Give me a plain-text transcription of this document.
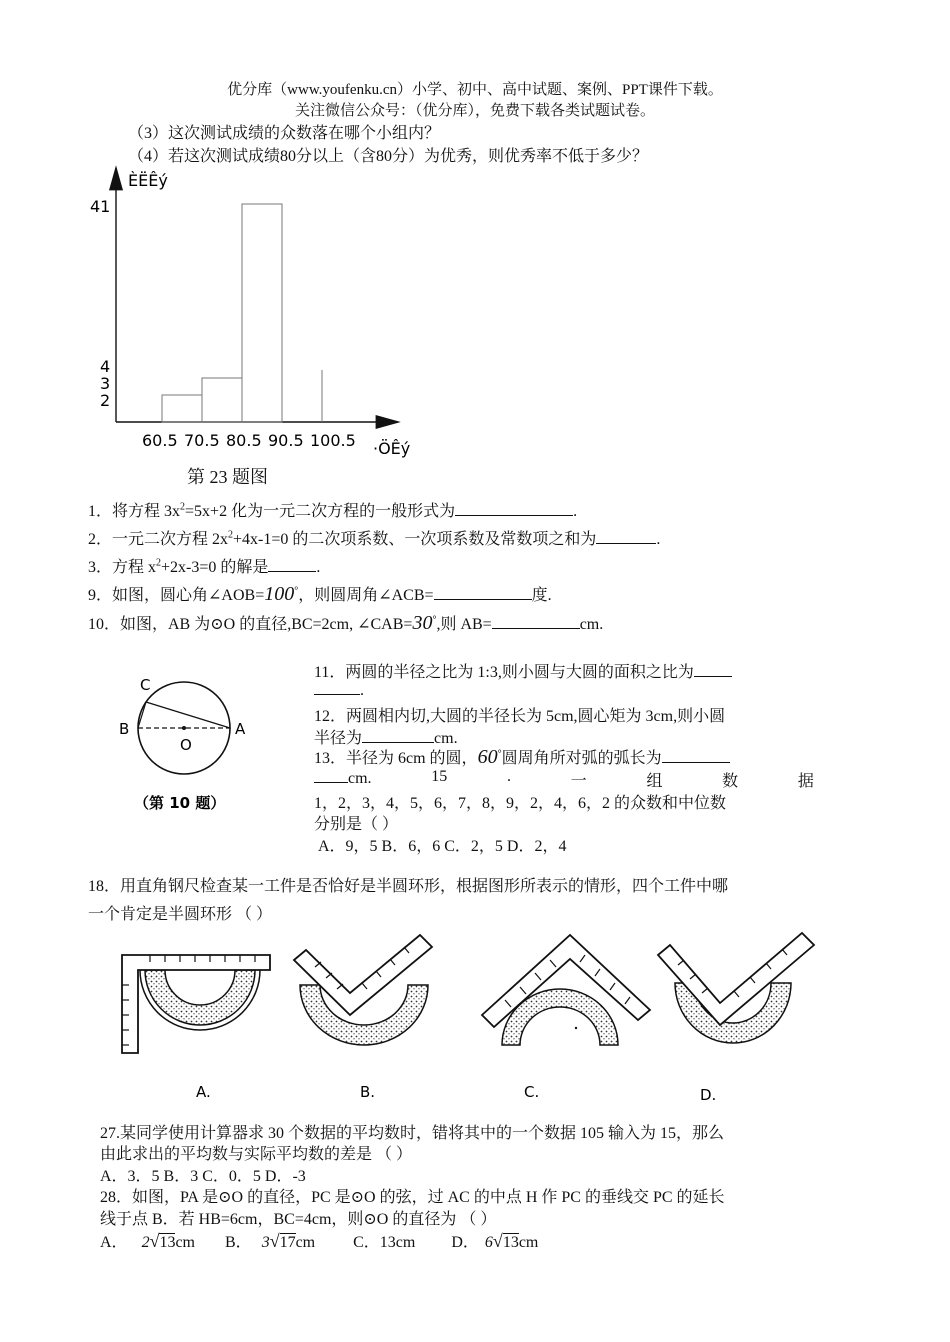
优分库（www.youfenku.cn）小学、初中、高中试题、案例、PPT课件下载。
关注微信公众号：（优分库），免费下载各类试题试卷。
（3）这次测试成绩的众数落在哪个小组内？
（4）若这次测试成绩80分以上（含80分）为优秀，则优秀率不低于多少？
ÈËÊý
·ÖÊý
41
4
3
2
60.5 70.5 80.5 90.5 100.5
第 23 题图
1．将方程 $3x^2=5x+2$ 化为一元二次方程的一般形式为	.
2．一元二次方程 $2x^2+4x-1=0$ 的二次项系数、一次项系数及常数项之和为	.
3．方程 $x^2+2x-3=0$ 的解是	.
9．如图，圆心角∠AOB=100°，则圆周角∠ACB=	度.
10．如图，AB 为⊙O 的直径,BC=2cm, ∠CAB=30°,则 AB=	cm.
C
B	A
O
（第 10 题）
11．两圆的半径之比为 1:3,则小圆与大圆的面积之比为
.
12．两圆相内切,大圆的半径长为 5cm,圆心矩为 3cm,则小圆
半径为	cm.
13．半径为 6cm 的圆，60°圆周角所对弧的弧长为
cm.	15	.	一	组	数	据
1，2，3，4，5，6，7，8，9，2，4，6，2 的众数和中位数
分别是（ ）
A．9，5 B．6，6 C．2，5 D．2，4
18．用直角钢尺检查某一工件是否恰好是半圆环形，根据图形所表示的情形，四个工件中哪
一个肯定是半圆环形 （ ）
A.	B.	C.	D.
27.某同学使用计算器求 30 个数据的平均数时，错将其中的一个数据 105 输入为 15，那么
由此求出的平均数与实际平均数的差是 （ ）
A．3．5 B．3 C．0．5 D．-3
28．如图，PA 是⊙O 的直径，PC 是⊙O 的弦，过 AC 的中点 H 作 PC 的垂线交 PC 的延长
线于点 B．若 HB=6cm，BC=4cm，则⊙O 的直径为 （ ）
A． 2√13cm B． 3√17cm C．13cm D． 6√13cm
